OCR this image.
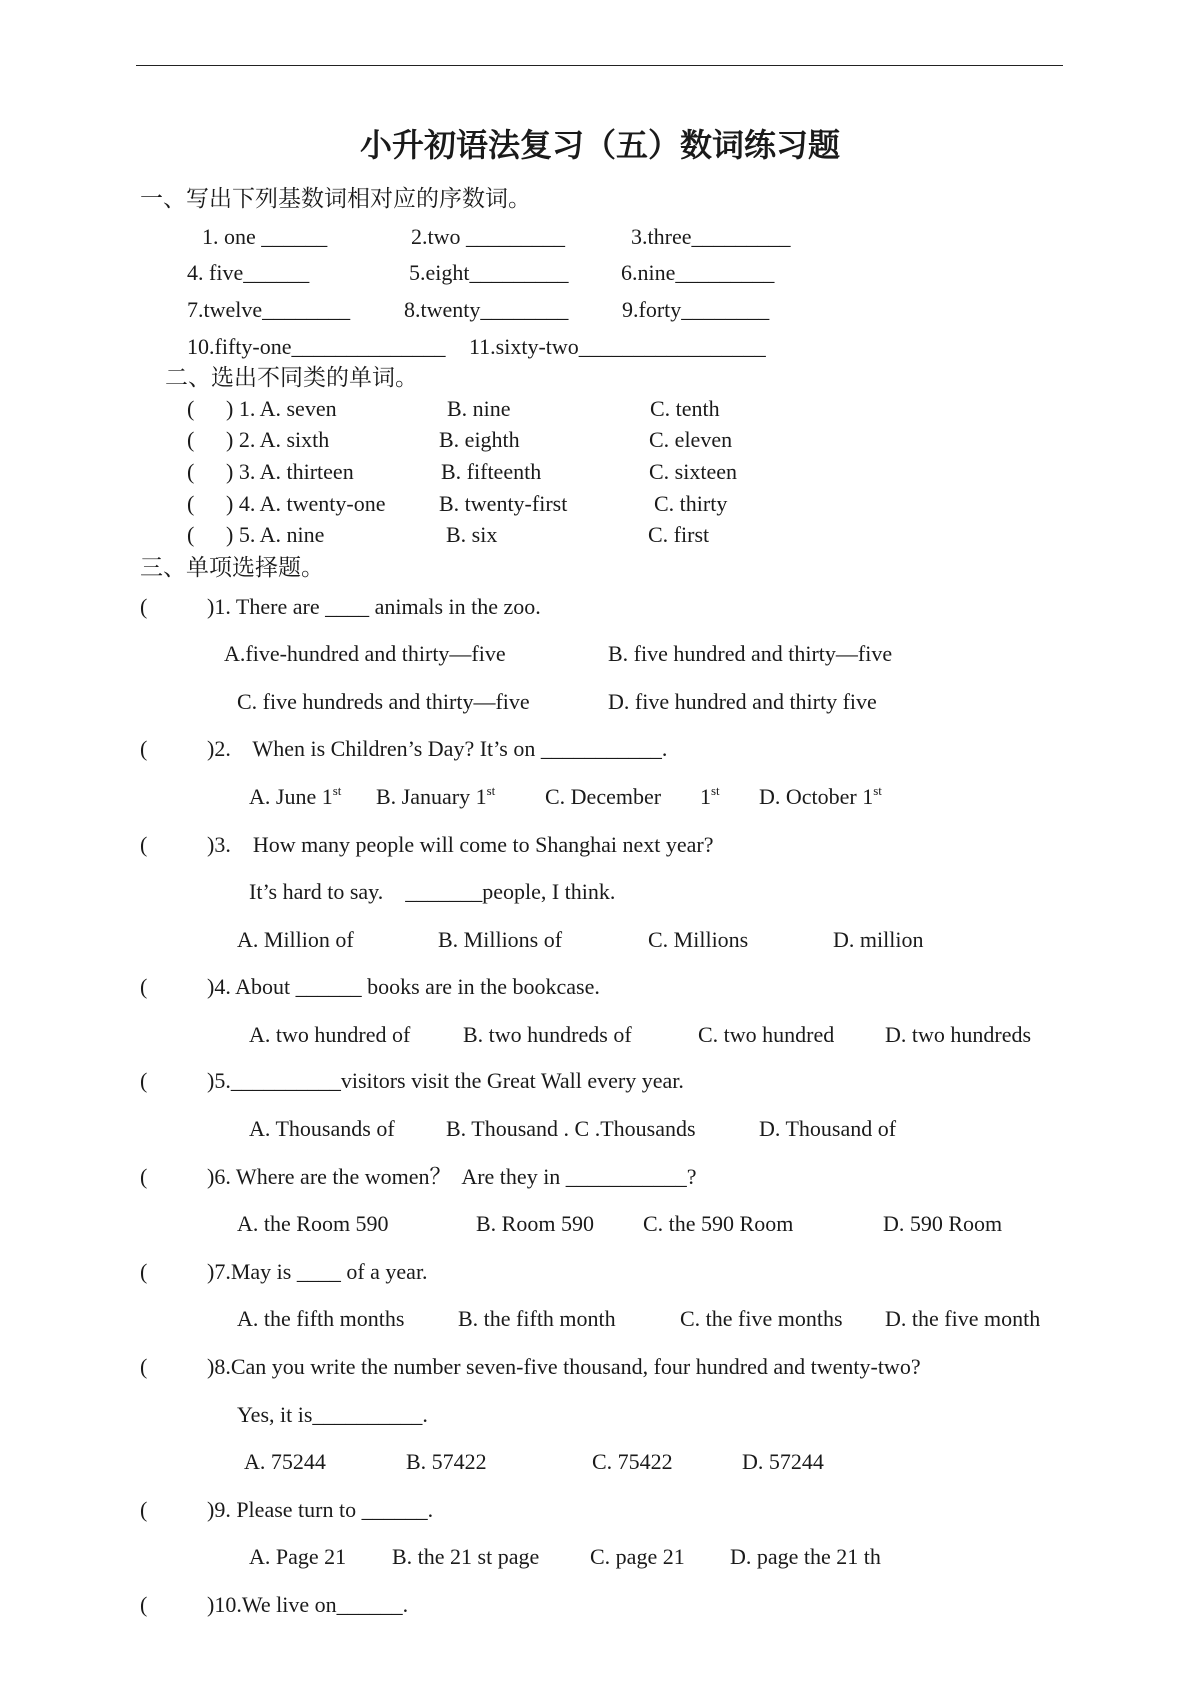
小升初语法复习（五）数词练习题
一、写出下列基数词相对应的序数词。
1. one ______	2.two _________	3.three_________
4. five______	5.eight_________ 6.nine_________
7.twelve________ 8.twenty________ 9.forty________
10.fifty-one______________ 11.sixty-two_________________
二、选出不同类的单词。
( ) 1. A. seven	B. nine	C. tenth
( ) 2. A. sixth	B. eighth	C. eleven
( ) 3. A. thirteen	B. fifteenth	C. sixteen
( ) 4. A. twenty-one B. twenty-first	C. thirty
( ) 5. A. nine	B. six	C. first
三、单项选择题。
(	)1. There are ____ animals in the zoo.
A.five-hundred and thirty—five	B. five hundred and thirty—five
C. five hundreds and thirty—five	D. five hundred and thirty five
(	)2.    When is Children’s Day? It’s on ___________.
A. June 1st B. January 1st C. December 1st D. October 1st
(	)3.    How many people will come to Shanghai next year?
It’s hard to say.    _______people, I think.
A. Million of	B. Millions of	C. Millions	D. million
(	)4. About ______ books are in the bookcase.
A. two hundred of B. two hundreds of	C. two hundred D. two hundreds
(	)5.__________visitors visit the Great Wall every year.
A. Thousands of B. Thousand . C .Thousands	D. Thousand of
(	)6. Where are the women？  Are they in ___________?
A. the Room 590	B. Room 590 C. the 590 Room	D. 590 Room
(	)7.May is ____ of a year.
A. the fifth months B. the fifth month	C. the five months D. the five month
(	)8.Can you write the number seven-five thousand, four hundred and twenty-two?
Yes, it is__________.
A. 75244	B. 57422	C. 75422	D. 57244
(	)9. Please turn to ______.
A. Page 21 B. the 21 st page C. page 21 D. page the 21 th
(	)10.We live on______.
